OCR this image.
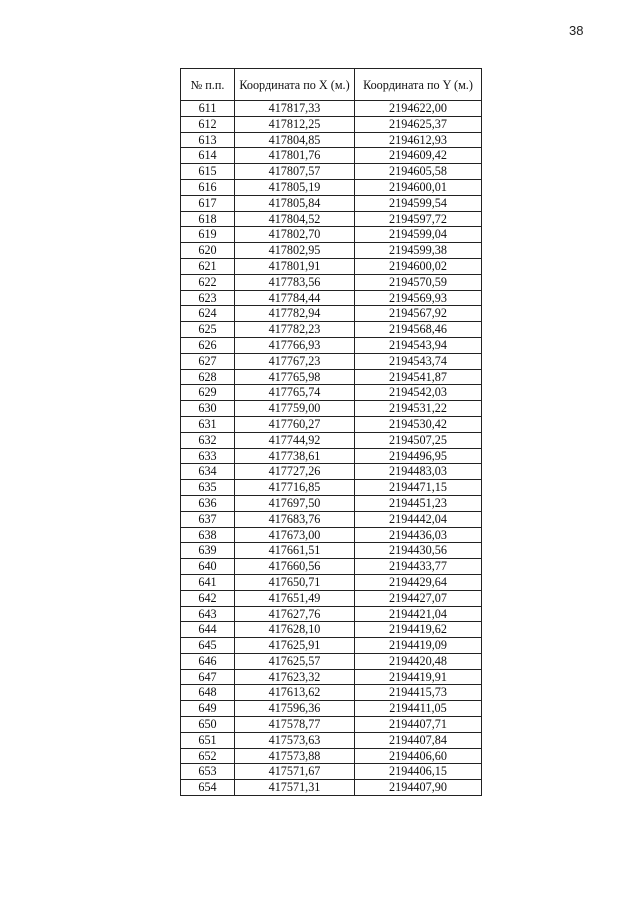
38
№ п.п.	Координата по X (м.)	Координата по Y (м.)
611	417817,33	2194622,00
612	417812,25	2194625,37
613	417804,85	2194612,93
614	417801,76	2194609,42
615	417807,57	2194605,58
616	417805,19	2194600,01
617	417805,84	2194599,54
618	417804,52	2194597,72
619	417802,70	2194599,04
620	417802,95	2194599,38
621	417801,91	2194600,02
622	417783,56	2194570,59
623	417784,44	2194569,93
624	417782,94	2194567,92
625	417782,23	2194568,46
626	417766,93	2194543,94
627	417767,23	2194543,74
628	417765,98	2194541,87
629	417765,74	2194542,03
630	417759,00	2194531,22
631	417760,27	2194530,42
632	417744,92	2194507,25
633	417738,61	2194496,95
634	417727,26	2194483,03
635	417716,85	2194471,15
636	417697,50	2194451,23
637	417683,76	2194442,04
638	417673,00	2194436,03
639	417661,51	2194430,56
640	417660,56	2194433,77
641	417650,71	2194429,64
642	417651,49	2194427,07
643	417627,76	2194421,04
644	417628,10	2194419,62
645	417625,91	2194419,09
646	417625,57	2194420,48
647	417623,32	2194419,91
648	417613,62	2194415,73
649	417596,36	2194411,05
650	417578,77	2194407,71
651	417573,63	2194407,84
652	417573,88	2194406,60
653	417571,67	2194406,15
654	417571,31	2194407,90
